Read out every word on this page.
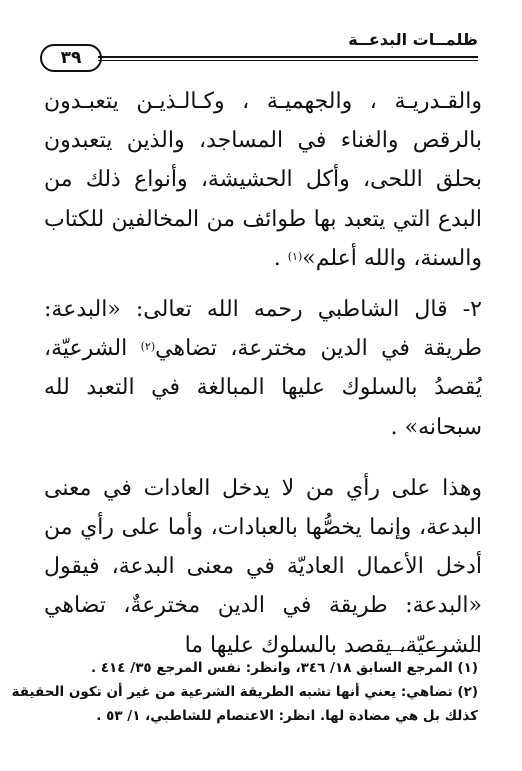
ظلمــات البدعــة
٣٩

والقـدريـة ، والجهميـة ، وكـالـذيـن يتعبـدون بالرقص والغناء في المساجد، والذين يتعبدون بحلق اللحى، وأكل الحشيشة، وأنواع ذلك من البدع التي يتعبد بها طوائف من المخالفين للكتاب والسنة، والله أعلم»$^{(١)}$ .

٢- قال الشاطبي رحمه الله تعالى: «البدعة: طريقة في الدين مخترعة، تضاهي$^{(٢)}$ الشرعيّة، يُقصدُ بالسلوك عليها المبالغة في التعبد لله سبحانه» .

وهذا على رأي من لا يدخل العادات في معنى البدعة، وإنما يخصُّها بالعبادات، وأما على رأي من أدخل الأعمال العاديّة في معنى البدعة، فيقول «البدعة: طريقة في الدين مخترعةٌ، تضاهي الشرعيّة، يقصد بالسلوك عليها ما

(١) المرجع السابق ١٨/ ٣٤٦، وانظر: نفس المرجع ٣٥/ ٤١٤ .

(٢) تضاهي: يعني أنها تشبه الطريقة الشرعية من غير أن تكون الحقيقة

كذلك بل هي مضادة لها. انظر: الاعتصام للشاطبي، ١/ ٥٣ .
